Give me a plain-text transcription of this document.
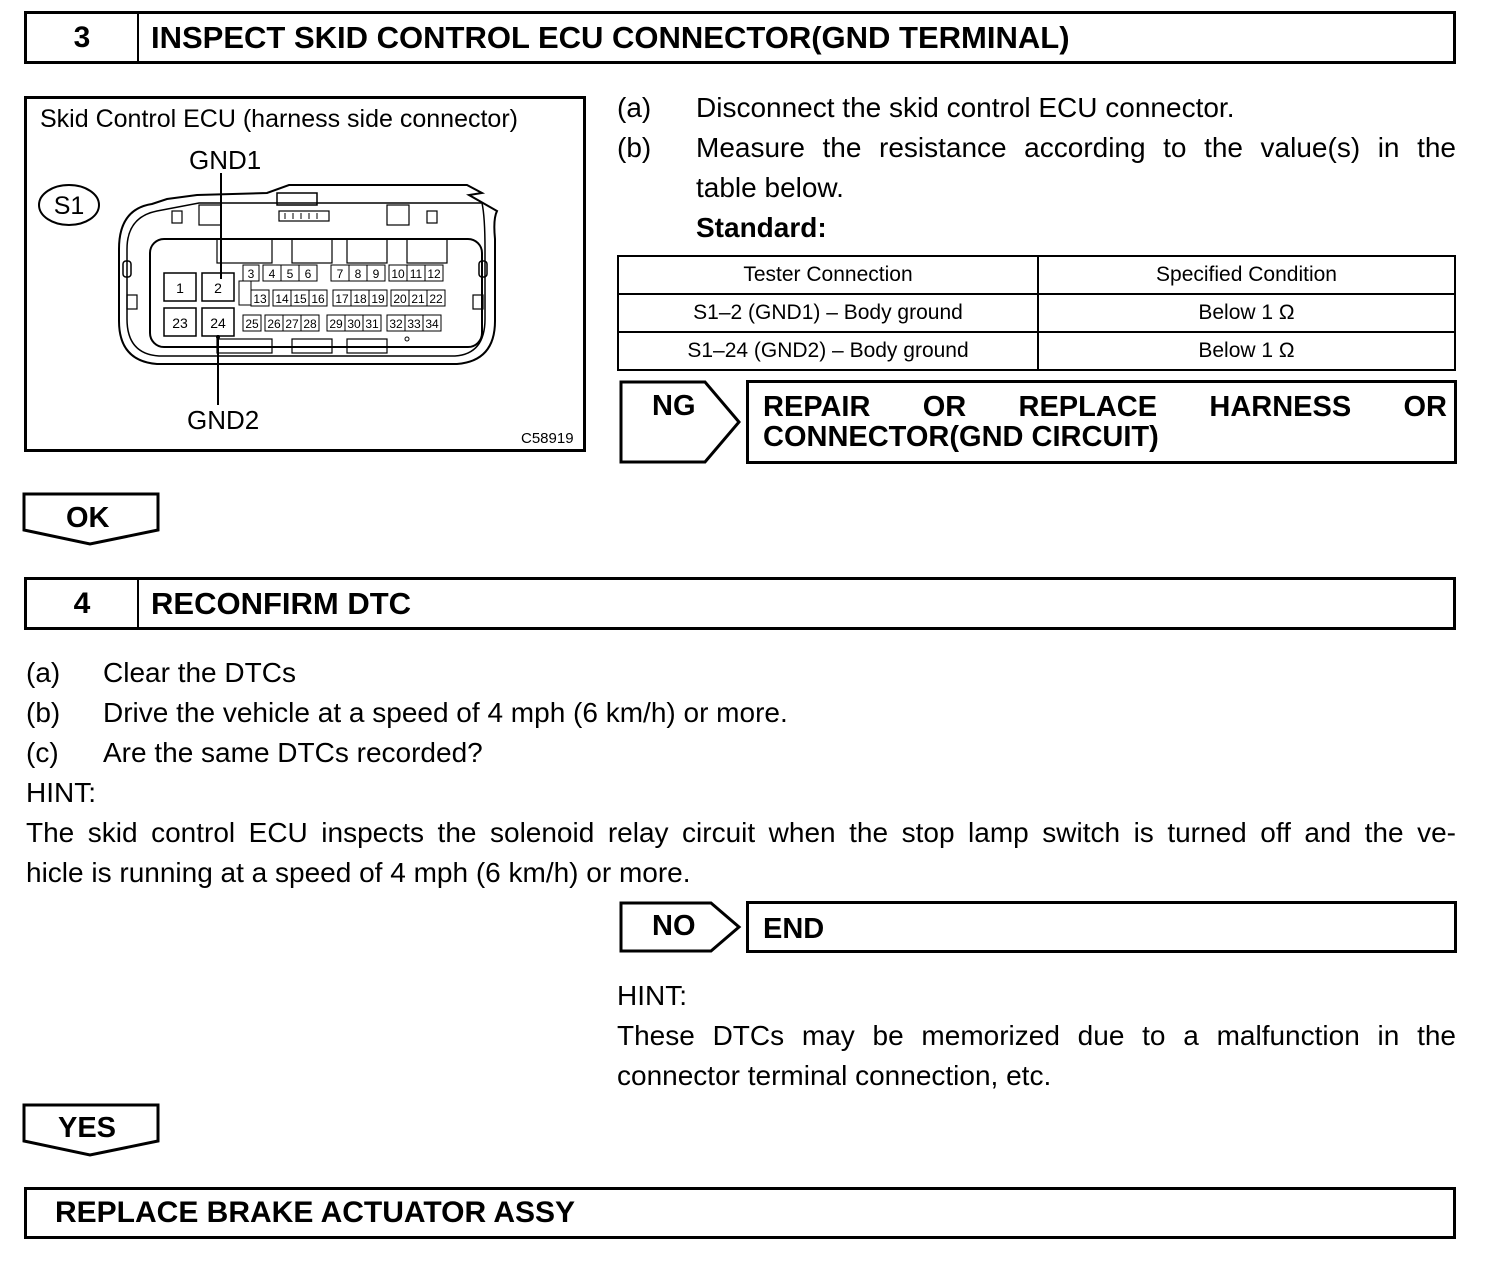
3	INSPECT SKID CONTROL ECU CONNECTOR(GND TERMINAL)
Skid Control ECU (harness side connector)
GND1
GND2
C58919
S1
1 2
23 24
3 4 5 6 7 8 9 10 11 12
13 14 15 16 17 18 19 20 21 22
25 26 27 28 29 30 31 32 33 34
(a) Disconnect the skid control ECU connector.
(b) Measure the resistance according to the value(s) in the
table below.
Standard:
Tester Connection	Specified Condition
S1–2 (GND1) – Body ground	Below 1 Ω
S1–24 (GND2) – Body ground	Below 1 Ω
NG REPAIR OR REPLACE HARNESS OR
CONNECTOR(GND CIRCUIT)
OK
4	RECONFIRM DTC
(a) Clear the DTCs
(b) Drive the vehicle at a speed of 4 mph (6 km/h) or more.
(c) Are the same DTCs recorded?
HINT:
The skid control ECU inspects the solenoid relay circuit when the stop lamp switch is turned off and the ve-
hicle is running at a speed of 4 mph (6 km/h) or more.
NO END
HINT:
These DTCs may be memorized due to a malfunction in the
connector terminal connection, etc.
YES
REPLACE BRAKE ACTUATOR ASSY
